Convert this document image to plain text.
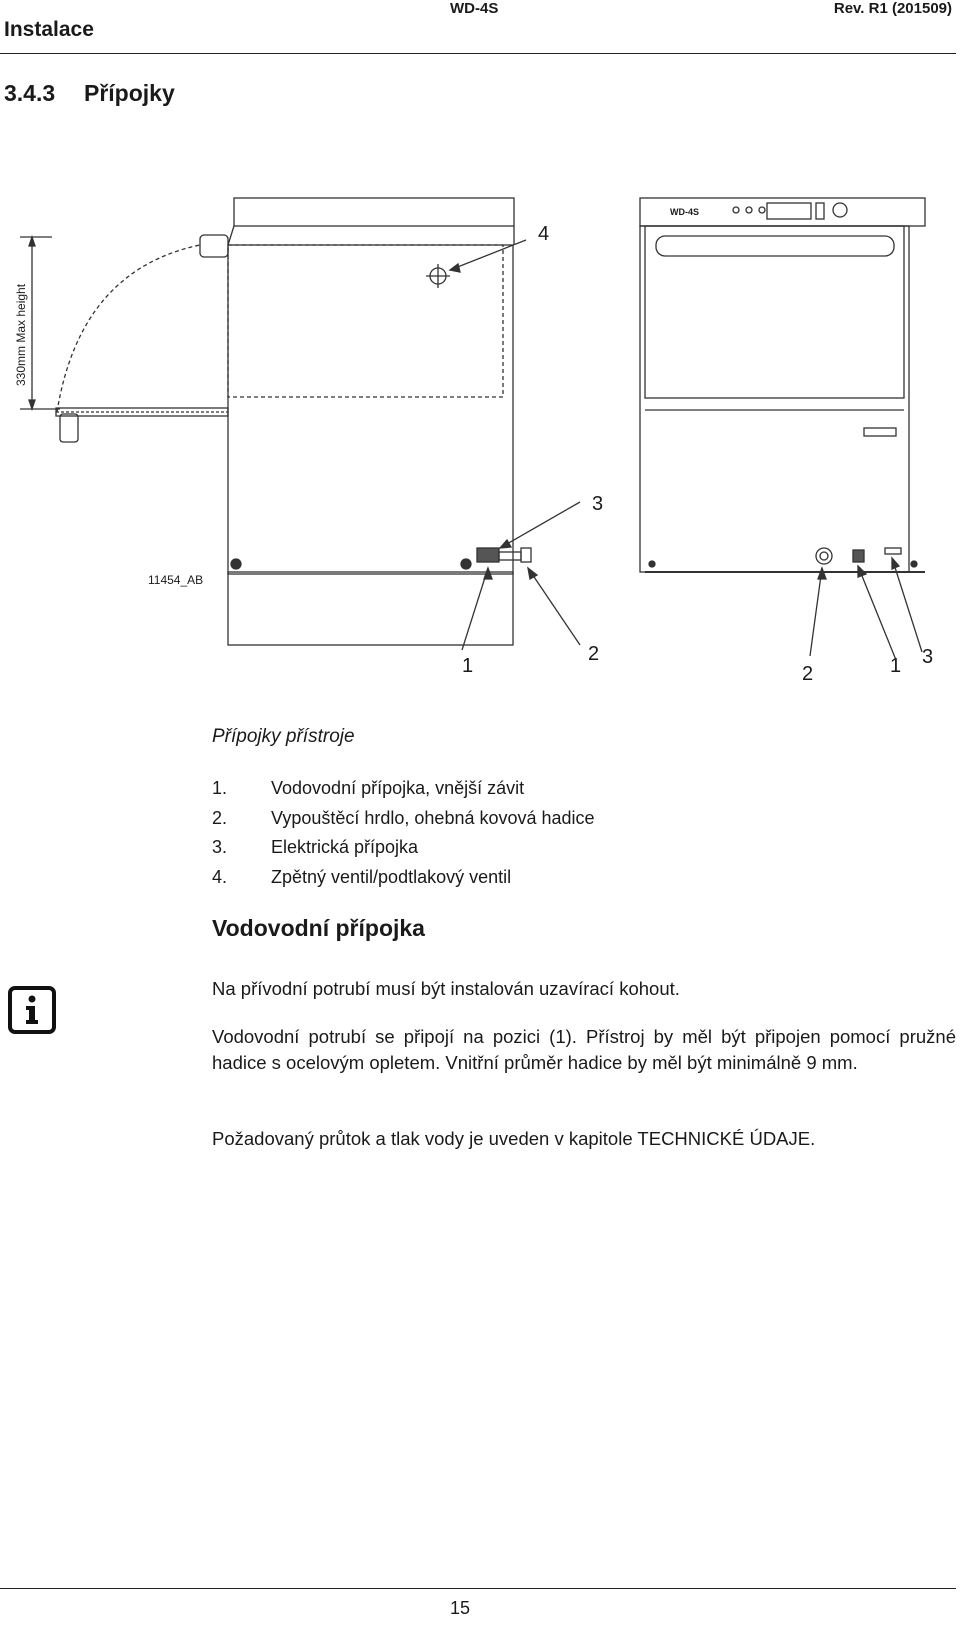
Instalace
WD-4S	Rev. R1 (201509)
3.4.3 Přípojky
330mm Max height
WD-4S
11454_AB
4
3
1
2
2	1 3
Přípojky přístroje
1. Vodovodní přípojka, vnější závit
2. Vypouštěcí hrdlo, ohebná kovová hadice
3. Elektrická přípojka
4. Zpětný ventil/podtlakový ventil
Vodovodní přípojka
Na přívodní potrubí musí být instalován uzavírací kohout.
Vodovodní potrubí se připojí na pozici (1). Přístroj by měl být připojen pomocí pružné hadice s ocelovým opletem. Vnitřní průměr hadice by měl být minimálně 9 mm.
Požadovaný průtok a tlak vody je uveden v kapitole TECHNICKÉ ÚDAJE.
15
